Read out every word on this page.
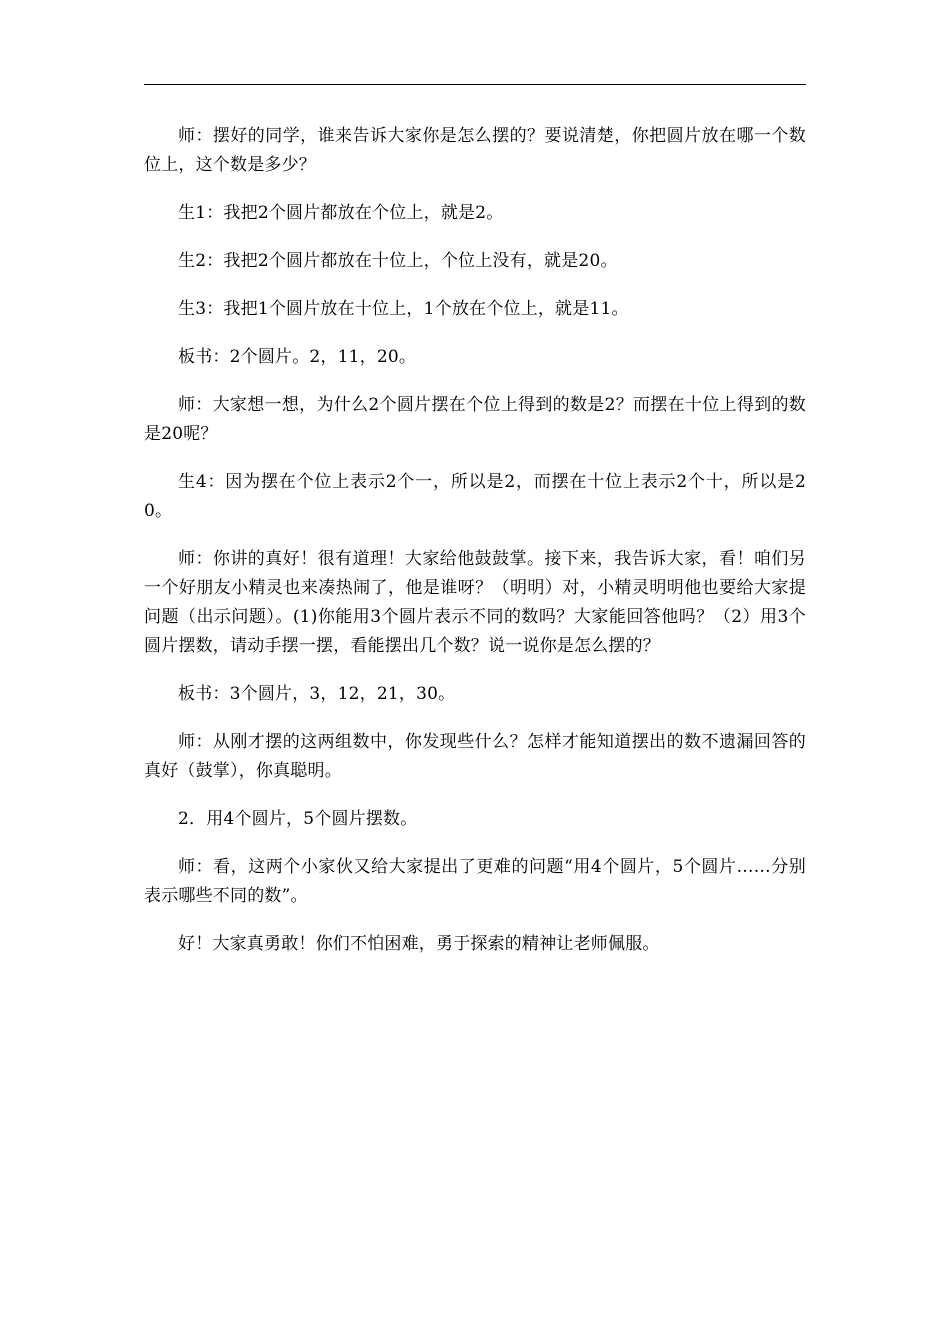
师：摆好的同学，谁来告诉大家你是怎么摆的？要说清楚，你把圆片放在哪一个数位上，这个数是多少？

生1：我把2个圆片都放在个位上，就是2。

生2：我把2个圆片都放在十位上，个位上没有，就是20。

生3：我把1个圆片放在十位上，1个放在个位上，就是11。

板书：2个圆片。2，11，20。

师：大家想一想，为什么2个圆片摆在个位上得到的数是2？而摆在十位上得到的数是20呢？

生4：因为摆在个位上表示2个一，所以是2，而摆在十位上表示2个十，所以是20。

师：你讲的真好！很有道理！大家给他鼓鼓掌。接下来，我告诉大家，看！咱们另一个好朋友小精灵也来凑热闹了，他是谁呀？（明明）对，小精灵明明他也要给大家提问题（出示问题）。(1)你能用3个圆片表示不同的数吗？大家能回答他吗？（2）用3个圆片摆数，请动手摆一摆，看能摆出几个数？说一说你是怎么摆的？

板书：3个圆片，3，12，21，30。

师：从刚才摆的这两组数中，你发现些什么？怎样才能知道摆出的数不遗漏回答的真好（鼓掌），你真聪明。

2．用4个圆片，5个圆片摆数。

师：看，这两个小家伙又给大家提出了更难的问题“用4个圆片，5个圆片……分别表示哪些不同的数”。

好！大家真勇敢！你们不怕困难，勇于探索的精神让老师佩服。
